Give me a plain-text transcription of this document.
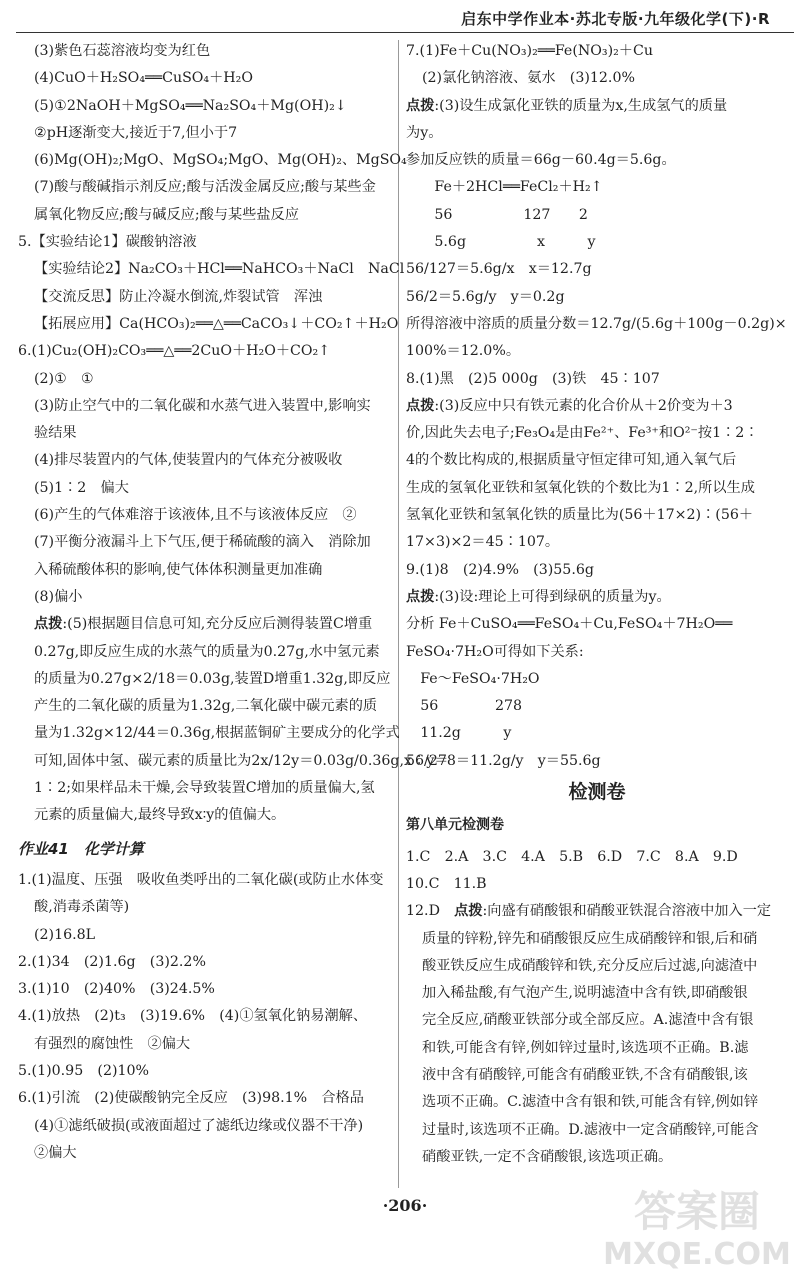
启东中学作业本·苏北专版·九年级化学(下)·R
(3)紫色石蕊溶液均变为红色
(4)CuO＋H₂SO₄══CuSO₄＋H₂O
(5)①2NaOH＋MgSO₄══Na₂SO₄＋Mg(OH)₂↓
②pH逐渐变大,接近于7,但小于7
(6)Mg(OH)₂;MgO、MgSO₄;MgO、Mg(OH)₂、MgSO₄
(7)酸与酸碱指示剂反应;酸与活泼金属反应;酸与某些金
属氧化物反应;酸与碱反应;酸与某些盐反应
5.【实验结论1】碳酸钠溶液
【实验结论2】Na₂CO₃＋HCl══NaHCO₃＋NaCl　NaCl
【交流反思】防止冷凝水倒流,炸裂试管　浑浊
【拓展应用】Ca(HCO₃)₂══△══CaCO₃↓＋CO₂↑＋H₂O
6.(1)Cu₂(OH)₂CO₃══△══2CuO＋H₂O＋CO₂↑
(2)①　①
(3)防止空气中的二氧化碳和水蒸气进入装置中,影响实
验结果
(4)排尽装置内的气体,使装置内的气体充分被吸收
(5)1∶2　偏大
(6)产生的气体难溶于该液体,且不与该液体反应　②
(7)平衡分液漏斗上下气压,便于稀硫酸的滴入　消除加
入稀硫酸体积的影响,使气体体积测量更加准确
(8)偏小
点拨:(5)根据题目信息可知,充分反应后测得装置C增重
0.27g,即反应生成的水蒸气的质量为0.27g,水中氢元素
的质量为0.27g×2/18＝0.03g,装置D增重1.32g,即反应
产生的二氧化碳的质量为1.32g,二氧化碳中碳元素的质
量为1.32g×12/44＝0.36g,根据蓝铜矿主要成分的化学式
可知,固体中氢、碳元素的质量比为2x/12y＝0.03g/0.36g,x∶y＝
1∶2;如果样品未干燥,会导致装置C增加的质量偏大,氢
元素的质量偏大,最终导致x∶y的值偏大。
作业41　化学计算
1.(1)温度、压强　吸收鱼类呼出的二氧化碳(或防止水体变
酸,消毒杀菌等)
(2)16.8L
2.(1)34　(2)1.6g　(3)2.2%
3.(1)10　(2)40%　(3)24.5%
4.(1)放热　(2)t₃　(3)19.6%　(4)①氢氧化钠易潮解、
有强烈的腐蚀性　②偏大
5.(1)0.95　(2)10%
6.(1)引流　(2)使碳酸钠完全反应　(3)98.1%　合格品
(4)①滤纸破损(或液面超过了滤纸边缘或仪器不干净)
②偏大
7.(1)Fe＋Cu(NO₃)₂══Fe(NO₃)₂＋Cu
(2)氯化钠溶液、氨水　(3)12.0%
点拨:(3)设生成氯化亚铁的质量为x,生成氢气的质量
为y。
参加反应铁的质量＝66g－60.4g＝5.6g。
　　Fe＋2HCl══FeCl₂＋H₂↑
　　56　　　　　127　　2
　　5.6g　　　　　x　　　y
56/127＝5.6g/x　x＝12.7g
56/2＝5.6g/y　y＝0.2g
所得溶液中溶质的质量分数＝12.7g/(5.6g＋100g－0.2g)×
100%＝12.0%。
8.(1)黑　(2)5 000g　(3)铁　45∶107
点拨:(3)反应中只有铁元素的化合价从＋2价变为＋3
价,因此失去电子;Fe₃O₄是由Fe²⁺、Fe³⁺和O²⁻按1∶2∶
4的个数比构成的,根据质量守恒定律可知,通入氧气后
生成的氢氧化亚铁和氢氧化铁的个数比为1∶2,所以生成
氢氧化亚铁和氢氧化铁的质量比为(56＋17×2)∶(56＋
17×3)×2＝45∶107。
9.(1)8　(2)4.9%　(3)55.6g
点拨:(3)设:理论上可得到绿矾的质量为y。
分析 Fe＋CuSO₄══FeSO₄＋Cu,FeSO₄＋7H₂O══
FeSO₄·7H₂O可得如下关系:
　Fe～FeSO₄·7H₂O
　56　　　　278
　11.2g　　　y
56/278＝11.2g/y　y＝55.6g
检测卷
第八单元检测卷
1.C　2.A　3.C　4.A　5.B　6.D　7.C　8.A　9.D
10.C　11.B
12.D　点拨:向盛有硝酸银和硝酸亚铁混合溶液中加入一定
质量的锌粉,锌先和硝酸银反应生成硝酸锌和银,后和硝
酸亚铁反应生成硝酸锌和铁,充分反应后过滤,向滤渣中
加入稀盐酸,有气泡产生,说明滤渣中含有铁,即硝酸银
完全反应,硝酸亚铁部分或全部反应。A.滤渣中含有银
和铁,可能含有锌,例如锌过量时,该选项不正确。B.滤
液中含有硝酸锌,可能含有硝酸亚铁,不含有硝酸银,该
选项不正确。C.滤渣中含有银和铁,可能含有锌,例如锌
过量时,该选项不正确。D.滤液中一定含硝酸锌,可能含
硝酸亚铁,一定不含硝酸银,该选项正确。
·206·	答案圈
MXQE.COM
